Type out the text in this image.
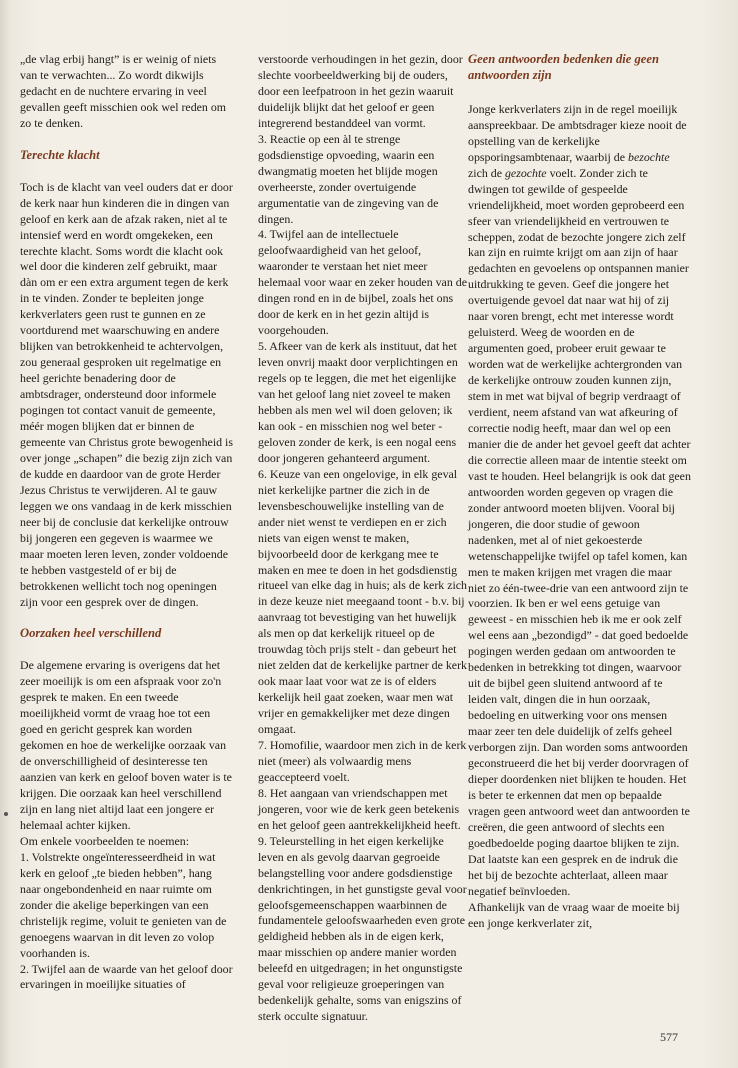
„de vlag erbij hangt” is er weinig of niets van te verwachten... Zo wordt dikwijls gedacht en de nuchtere ervaring in veel gevallen geeft misschien ook wel reden om zo te denken.

Terechte klacht

Toch is de klacht van veel ouders dat er door de kerk naar hun kinderen die in dingen van geloof en kerk aan de afzak raken, niet al te intensief werd en wordt omgekeken, een terechte klacht. Soms wordt die klacht ook wel door die kinderen zelf gebruikt, maar dàn om er een extra argument tegen de kerk in te vinden. Zonder te bepleiten jonge kerkverlaters geen rust te gunnen en ze voortdurend met waarschuwing en andere blijken van betrokkenheid te achtervolgen, zou generaal gesproken uit regelmatige en heel gerichte benadering door de ambtsdrager, ondersteund door informele pogingen tot contact vanuit de gemeente, méér mogen blijken dat er binnen de gemeente van Christus grote bewogenheid is over jonge „schapen” die bezig zijn zich van de kudde en daardoor van de grote Herder Jezus Christus te verwijderen. Al te gauw leggen we ons vandaag in de kerk misschien neer bij de conclusie dat kerkelijke ontrouw bij jongeren een gegeven is waarmee we maar moeten leren leven, zonder voldoende te hebben vastgesteld of er bij de betrokkenen wellicht toch nog openingen zijn voor een gesprek over de dingen.

Oorzaken heel verschillend

De algemene ervaring is overigens dat het zeer moeilijk is om een afspraak voor zo'n gesprek te maken. En een tweede moeilijkheid vormt de vraag hoe tot een goed en gericht gesprek kan worden gekomen en hoe de werkelijke oorzaak van de onverschilligheid of desinteresse ten aanzien van kerk en geloof boven water is te krijgen. Die oorzaak kan heel verschillend zijn en lang niet altijd laat een jongere er helemaal achter kijken.

Om enkele voorbeelden te noemen:

1. Volstrekte ongeïnteresseerdheid in wat kerk en geloof „te bieden hebben”, hang naar ongebondenheid en naar ruimte om zonder die akelige beperkingen van een christelijk regime, voluit te genieten van de genoegens waarvan in dit leven zo volop voorhanden is.

2. Twijfel aan de waarde van het geloof door ervaringen in moeilijke situaties of

verstoorde verhoudingen in het gezin, door slechte voorbeeldwerking bij de ouders, door een leefpatroon in het gezin waaruit duidelijk blijkt dat het geloof er geen integrerend bestanddeel van vormt.

3. Reactie op een àl te strenge godsdienstige opvoeding, waarin een dwangmatig moeten het blijde mogen overheerste, zonder overtuigende argumentatie van de zingeving van de dingen.

4. Twijfel aan de intellectuele geloofwaardigheid van het geloof, waaronder te verstaan het niet meer helemaal voor waar en zeker houden van de dingen rond en in de bijbel, zoals het ons door de kerk en in het gezin altijd is voorgehouden.

5. Afkeer van de kerk als instituut, dat het leven onvrij maakt door verplichtingen en regels op te leggen, die met het eigenlijke van het geloof lang niet zoveel te maken hebben als men wel wil doen geloven; ik kan ook - en misschien nog wel beter - geloven zonder de kerk, is een nogal eens door jongeren gehanteerd argument.

6. Keuze van een ongelovige, in elk geval niet kerkelijke partner die zich in de levensbeschouwelijke instelling van de ander niet wenst te verdiepen en er zich niets van eigen wenst te maken, bijvoorbeeld door de kerkgang mee te maken en mee te doen in het godsdienstig ritueel van elke dag in huis; als de kerk zich in deze keuze niet meegaand toont - b.v. bij aanvraag tot bevestiging van het huwelijk als men op dat kerkelijk ritueel op de trouwdag tòch prijs stelt - dan gebeurt het niet zelden dat de kerkelijke partner de kerk ook maar laat voor wat ze is of elders kerkelijk heil gaat zoeken, waar men wat vrijer en gemakkelijker met deze dingen omgaat.

7. Homofilie, waardoor men zich in de kerk niet (meer) als volwaardig mens geaccepteerd voelt.

8. Het aangaan van vriendschappen met jongeren, voor wie de kerk geen betekenis en het geloof geen aantrekkelijkheid heeft.

9. Teleurstelling in het eigen kerkelijke leven en als gevolg daarvan gegroeide belangstelling voor andere godsdienstige denkrichtingen, in het gunstigste geval voor geloofsgemeenschappen waarbinnen de fundamentele geloofswaarheden even grote geldigheid hebben als in de eigen kerk, maar misschien op andere manier worden beleefd en uitgedragen; in het ongunstigste geval voor religieuze groeperingen van bedenkelijk gehalte, soms van enigszins of sterk occulte signatuur.

Geen antwoorden bedenken die geen
antwoorden zijn

Jonge kerkverlaters zijn in de regel moeilijk aanspreekbaar. De ambtsdrager kieze nooit de opstelling van de kerkelijke opsporingsambtenaar, waarbij de bezochte zich de gezochte voelt. Zonder zich te dwingen tot gewilde of gespeelde vriendelijkheid, moet worden geprobeerd een sfeer van vriendelijkheid en vertrouwen te scheppen, zodat de bezochte jongere zich zelf kan zijn en ruimte krijgt om aan zijn of haar gedachten en gevoelens op ontspannen manier uitdrukking te geven. Geef die jongere het overtuigende gevoel dat naar wat hij of zij naar voren brengt, echt met interesse wordt geluisterd. Weeg de woorden en de argumenten goed, probeer eruit gewaar te worden wat de werkelijke achtergronden van de kerkelijke ontrouw zouden kunnen zijn, stem in met wat bijval of begrip verdraagt of verdient, neem afstand van wat afkeuring of correctie nodig heeft, maar dan wel op een manier die de ander het gevoel geeft dat achter die correctie alleen maar de intentie steekt om vast te houden. Heel belangrijk is ook dat geen antwoorden worden gegeven op vragen die zonder antwoord moeten blijven. Vooral bij jongeren, die door studie of gewoon nadenken, met al of niet gekoesterde wetenschappelijke twijfel op tafel komen, kan men te maken krijgen met vragen die maar niet zo één-twee-drie van een antwoord zijn te voorzien. Ik ben er wel eens getuige van geweest - en misschien heb ik me er ook zelf wel eens aan „bezondigd” - dat goed bedoelde pogingen werden gedaan om antwoorden te bedenken in betrekking tot dingen, waarvoor uit de bijbel geen sluitend antwoord af te leiden valt, dingen die in hun oorzaak, bedoeling en uitwerking voor ons mensen maar zeer ten dele duidelijk of zelfs geheel verborgen zijn. Dan worden soms antwoorden geconstrueerd die het bij verder doorvragen of dieper doordenken niet blijken te houden. Het is beter te erkennen dat men op bepaalde vragen geen antwoord weet dan antwoorden te creëren, die geen antwoord of slechts een goedbedoelde poging daartoe blijken te zijn. Dat laatste kan een gesprek en de indruk die het bij de bezochte achterlaat, alleen maar negatief beïnvloeden.

Afhankelijk van de vraag waar de moeite bij een jonge kerkverlater zit,

577
